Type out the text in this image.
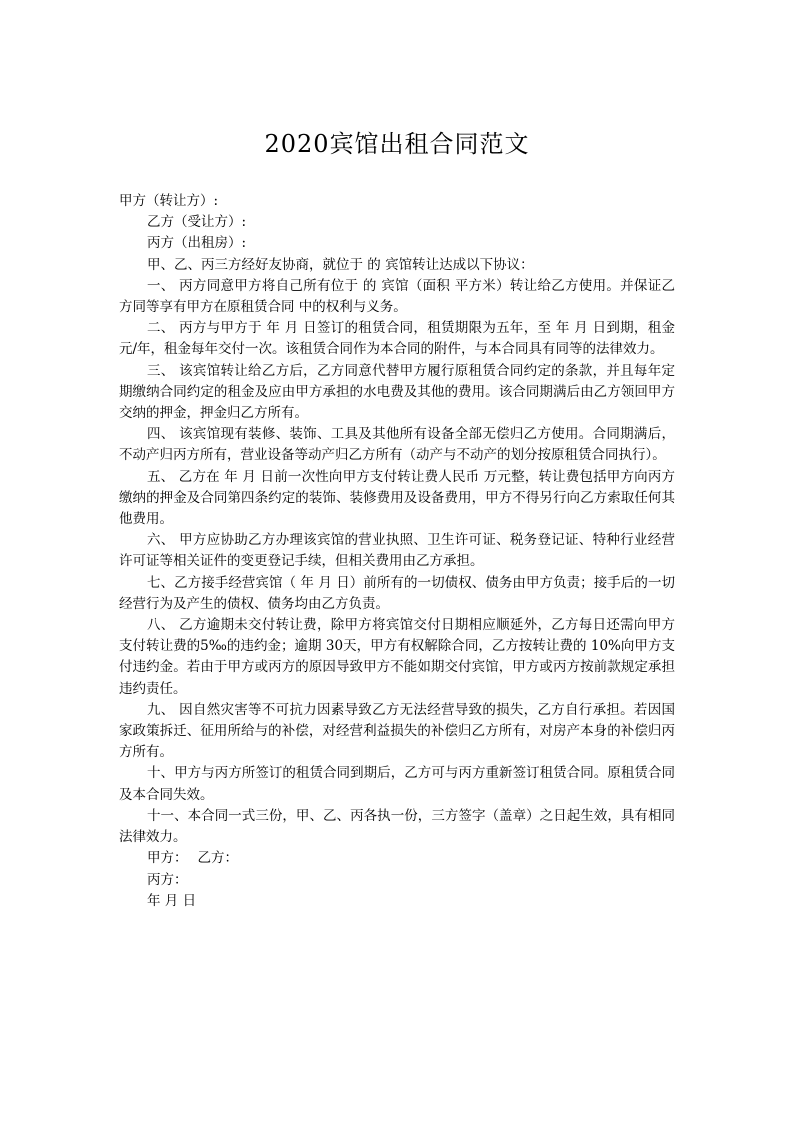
2020宾馆出租合同范文

甲方（转让方）:

乙方（受让方）:

丙方（出租房）:

甲、乙、丙三方经好友协商，就位于 的 宾馆转让达成以下协议：

一、 丙方同意甲方将自己所有位于 的 宾馆（面积 平方米）转让给乙方使用。并保证乙方同等享有甲方在原租赁合同 中的权利与义务。

二、 丙方与甲方于 年 月 日签订的租赁合同，租赁期限为五年，至 年 月 日到期，租金 元/年，租金每年交付一次。该租赁合同作为本合同的附件，与本合同具有同等的法律效力。

三、 该宾馆转让给乙方后，乙方同意代替甲方履行原租赁合同约定的条款，并且每年定期缴纳合同约定的租金及应由甲方承担的水电费及其他的费用。该合同期满后由乙方领回甲方交纳的押金，押金归乙方所有。

四、 该宾馆现有装修、装饰、工具及其他所有设备全部无偿归乙方使用。合同期满后，不动产归丙方所有，营业设备等动产归乙方所有（动产与不动产的划分按原租赁合同执行）。

五、 乙方在 年 月 日前一次性向甲方支付转让费人民币 万元整，转让费包括甲方向丙方缴纳的押金及合同第四条约定的装饰、装修费用及设备费用，甲方不得另行向乙方索取任何其他费用。

六、 甲方应协助乙方办理该宾馆的营业执照、卫生许可证、税务登记证、特种行业经营许可证等相关证件的变更登记手续，但相关费用由乙方承担。

七、乙方接手经营宾馆（ 年 月 日）前所有的一切债权、债务由甲方负责；接手后的一切经营行为及产生的债权、债务均由乙方负责。

八、 乙方逾期未交付转让费，除甲方将宾馆交付日期相应顺延外，乙方每日还需向甲方支付转让费的5‰的违约金；逾期 30天，甲方有权解除合同，乙方按转让费的 10%向甲方支付违约金。若由于甲方或丙方的原因导致甲方不能如期交付宾馆，甲方或丙方按前款规定承担违约责任。

九、 因自然灾害等不可抗力因素导致乙方无法经营导致的损失，乙方自行承担。若因国家政策拆迁、征用所给与的补偿，对经营利益损失的补偿归乙方所有，对房产本身的补偿归丙方所有。

十、甲方与丙方所签订的租赁合同到期后，乙方可与丙方重新签订租赁合同。原租赁合同及本合同失效。

十一、本合同一式三份，甲、乙、丙各执一份，三方签字（盖章）之日起生效，具有相同法律效力。

甲方： 乙方：

丙方：

年 月 日
